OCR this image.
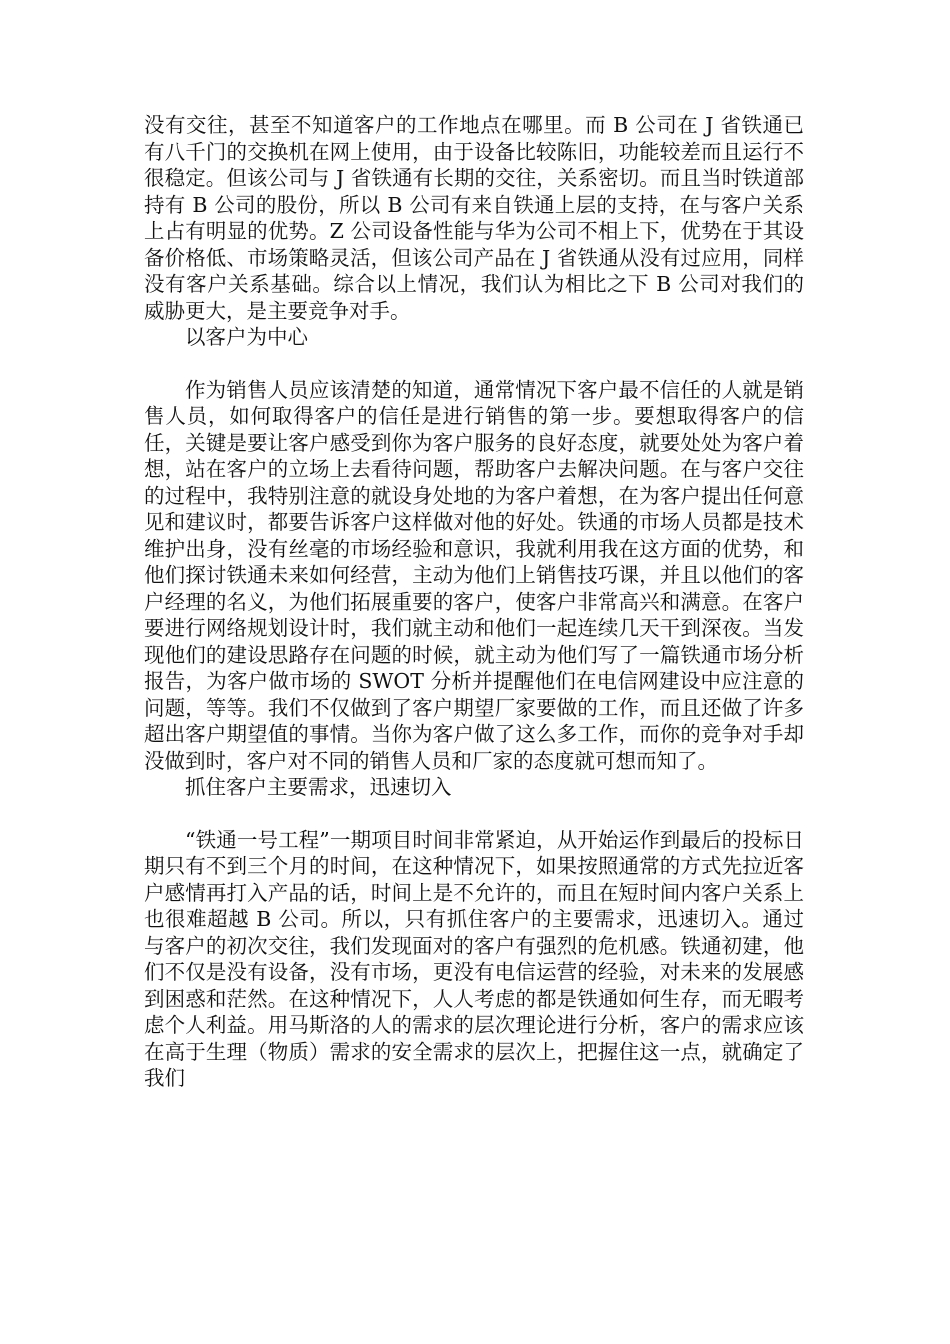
没有交往，甚至不知道客户的工作地点在哪里。而 B 公司在 J 省铁通已有八千门的交换机在网上使用，由于设备比较陈旧，功能较差而且运行不很稳定。但该公司与 J 省铁通有长期的交往，关系密切。而且当时铁道部持有 B 公司的股份，所以 B 公司有来自铁通上层的支持，在与客户关系上占有明显的优势。Z 公司设备性能与华为公司不相上下，优势在于其设备价格低、市场策略灵活，但该公司产品在 J 省铁通从没有过应用，同样没有客户关系基础。综合以上情况，我们认为相比之下 B 公司对我们的威胁更大，是主要竞争对手。

以客户为中心

作为销售人员应该清楚的知道，通常情况下客户最不信任的人就是销售人员，如何取得客户的信任是进行销售的第一步。要想取得客户的信任，关键是要让客户感受到你为客户服务的良好态度，就要处处为客户着想，站在客户的立场上去看待问题，帮助客户去解决问题。在与客户交往的过程中，我特别注意的就设身处地的为客户着想，在为客户提出任何意见和建议时，都要告诉客户这样做对他的好处。铁通的市场人员都是技术维护出身，没有丝毫的市场经验和意识，我就利用我在这方面的优势，和他们探讨铁通未来如何经营，主动为他们上销售技巧课，并且以他们的客户经理的名义，为他们拓展重要的客户，使客户非常高兴和满意。在客户要进行网络规划设计时，我们就主动和他们一起连续几天干到深夜。当发现他们的建设思路存在问题的时候，就主动为他们写了一篇铁通市场分析报告，为客户做市场的 SWOT 分析并提醒他们在电信网建设中应注意的问题，等等。我们不仅做到了客户期望厂家要做的工作，而且还做了许多超出客户期望值的事情。当你为客户做了这么多工作，而你的竞争对手却没做到时，客户对不同的销售人员和厂家的态度就可想而知了。

抓住客户主要需求，迅速切入

“铁通一号工程”一期项目时间非常紧迫，从开始运作到最后的投标日期只有不到三个月的时间，在这种情况下，如果按照通常的方式先拉近客户感情再打入产品的话，时间上是不允许的，而且在短时间内客户关系上也很难超越 B 公司。所以，只有抓住客户的主要需求，迅速切入。通过与客户的初次交往，我们发现面对的客户有强烈的危机感。铁通初建，他们不仅是没有设备，没有市场，更没有电信运营的经验，对未来的发展感到困惑和茫然。在这种情况下，人人考虑的都是铁通如何生存，而无暇考虑个人利益。用马斯洛的人的需求的层次理论进行分析，客户的需求应该在高于生理（物质）需求的安全需求的层次上，把握住这一点，就确定了我们
